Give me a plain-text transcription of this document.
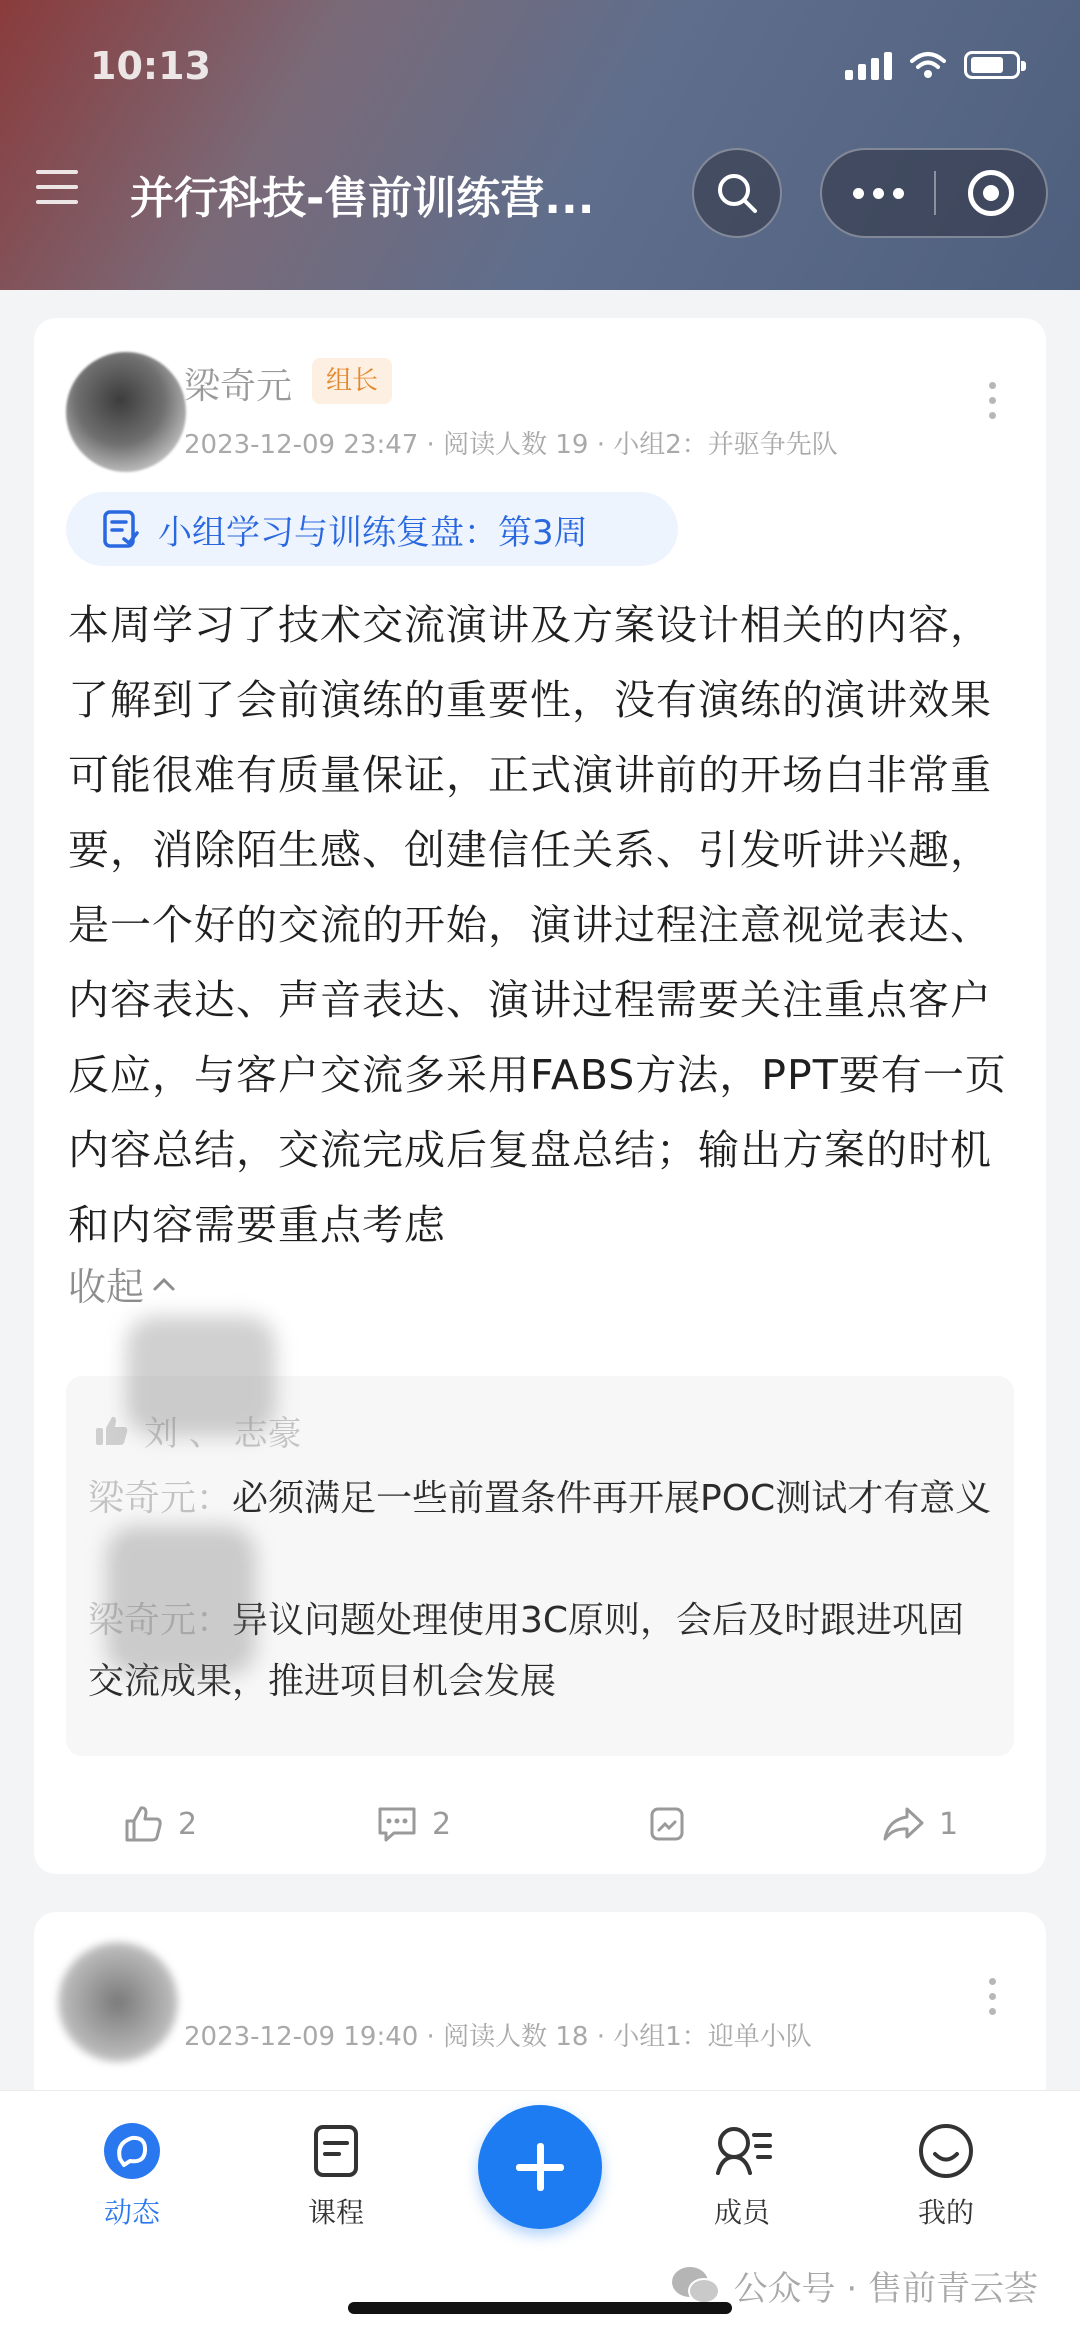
10:13
并行科技-售前训练营...
梁奇元	组长
2023-12-09 23:47 · 阅读人数 19 · 小组2：并驱争先队
小组学习与训练复盘：第3周
本周学习了技术交流演讲及方案设计相关的内容，了解到了会前演练的重要性，没有演练的演讲效果可能很难有质量保证，正式演讲前的开场白非常重要，消除陌生感、创建信任关系、引发听讲兴趣，是一个好的交流的开始，演讲过程注意视觉表达、内容表达、声音表达、演讲过程需要关注重点客户反应，与客户交流多采用FABS方法，PPT要有一页内容总结，交流完成后复盘总结；输出方案的时机和内容需要重点考虑
收起
刘 、 志豪
梁奇元：必须满足一些前置条件再开展POC测试才有意义
梁奇元：异议问题处理使用3C原则，会后及时跟进巩固交流成果，推进项目机会发展
2	2	1
2023-12-09 19:40 · 阅读人数 18 · 小组1：迎单小队
动态	课程	成员	我的
公众号 · 售前青云荟
